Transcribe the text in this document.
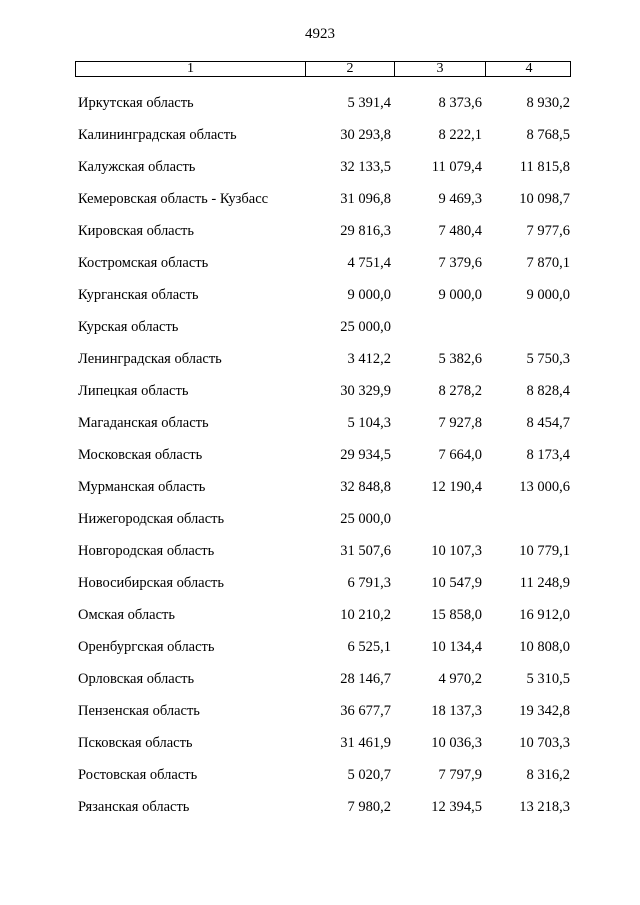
4923
1	2	3	4
Иркутская область	5 391,4	8 373,6	8 930,2
Калининградская область	30 293,8	8 222,1	8 768,5
Калужская область	32 133,5	11 079,4	11 815,8
Кемеровская область - Кузбасс	31 096,8	9 469,3	10 098,7
Кировская область	29 816,3	7 480,4	7 977,6
Костромская область	4 751,4	7 379,6	7 870,1
Курганская область	9 000,0	9 000,0	9 000,0
Курская область	25 000,0
Ленинградская область	3 412,2	5 382,6	5 750,3
Липецкая область	30 329,9	8 278,2	8 828,4
Магаданская область	5 104,3	7 927,8	8 454,7
Московская область	29 934,5	7 664,0	8 173,4
Мурманская область	32 848,8	12 190,4	13 000,6
Нижегородская область	25 000,0
Новгородская область	31 507,6	10 107,3	10 779,1
Новосибирская область	6 791,3	10 547,9	11 248,9
Омская область	10 210,2	15 858,0	16 912,0
Оренбургская область	6 525,1	10 134,4	10 808,0
Орловская область	28 146,7	4 970,2	5 310,5
Пензенская область	36 677,7	18 137,3	19 342,8
Псковская область	31 461,9	10 036,3	10 703,3
Ростовская область	5 020,7	7 797,9	8 316,2
Рязанская область	7 980,2	12 394,5	13 218,3
